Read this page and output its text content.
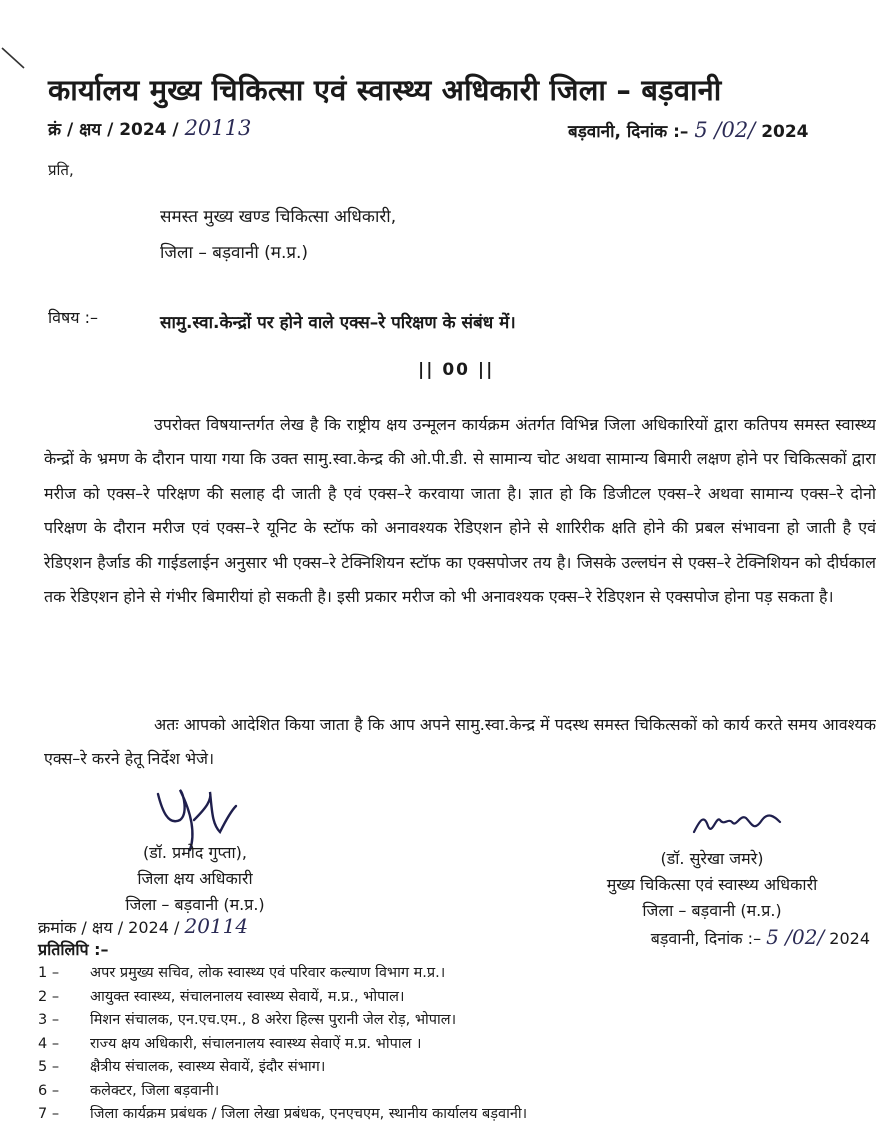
कार्यालय मुख्य चिकित्सा एवं स्वास्थ्य अधिकारी जिला – बड़वानी
क्रं / क्षय / 2024 / 20113	बड़वानी, दिनांक :– 5 /02/ 2024
प्रति,
समस्त मुख्य खण्ड चिकित्सा अधिकारी,
जिला – बड़वानी (म.प्र.)
विषय :–	सामु.स्वा.केन्द्रों पर होने वाले एक्स–रे परिक्षण के संबंध में।
|| 00 ||
उपरोक्त विषयान्तर्गत लेख है कि राष्ट्रीय क्षय उन्मूलन कार्यक्रम अंतर्गत विभिन्न जिला अधिकारियों द्वारा कतिपय समस्त स्वास्थ्य केन्द्रों के भ्रमण के दौरान पाया गया कि उक्त सामु.स्वा.केन्द्र की ओ.पी.डी. से सामान्य चोट अथवा सामान्य बिमारी लक्षण होने पर चिकित्सकों द्वारा मरीज को एक्स–रे परिक्षण की सलाह दी जाती है एवं एक्स–रे करवाया जाता है। ज्ञात हो कि डिजीटल एक्स–रे अथवा सामान्य एक्स–रे दोनो परिक्षण के दौरान मरीज एवं एक्स–रे यूनिट के स्टॉफ को अनावश्यक रेडिएशन होने से शारिरीक क्षति होने की प्रबल संभावना हो जाती है एवं रेडिएशन हैर्जाड की गाईडलाईन अनुसार भी एक्स–रे टेक्निशियन स्टॉफ का एक्सपोजर तय है। जिसके उल्लघंन से एक्स–रे टेक्निशियन को दीर्घकाल तक रेडिएशन होने से गंभीर बिमारीयां हो सकती है। इसी प्रकार मरीज को भी अनावश्यक एक्स–रे रेडिएशन से एक्सपोज होना पड़ सकता है।
अतः आपको आदेशित किया जाता है कि आप अपने सामु.स्वा.केन्द्र में पदस्थ समस्त चिकित्सकों को कार्य करते समय आवश्यक एक्स–रे करने हेतू निर्देश भेजे।
(डॉ. प्रमोद गुप्ता),
जिला क्षय अधिकारी
जिला – बड़वानी (म.प्र.)
(डॉ. सुरेखा जमरे)
मुख्य चिकित्सा एवं स्वास्थ्य अधिकारी
जिला – बड़वानी (म.प्र.)
बड़वानी, दिनांक :– 5 /02/ 2024
क्रमांक / क्षय / 2024 / 20114
प्रतिलिपि :–
1 – अपर प्रमुख्य सचिव, लोक स्वास्थ्य एवं परिवार कल्याण विभाग म.प्र.।
2 – आयुक्त स्वास्थ्य, संचालनालय स्वास्थ्य सेवायें, म.प्र., भोपाल।
3 – मिशन संचालक, एन.एच.एम., 8 अरेरा हिल्स पुरानी जेल रोड़, भोपाल।
4 – राज्य क्षय अधिकारी, संचालनालय स्वास्थ्य सेवाऐं म.प्र. भोपाल ।
5 – क्षैत्रीय संचालक, स्वास्थ्य सेवायें, इंदौर संभाग।
6 – कलेक्टर, जिला बड़वानी।
7 – जिला कार्यक्रम प्रबंधक / जिला लेखा प्रबंधक, एनएचएम, स्थानीय कार्यालय बड़वानी।
